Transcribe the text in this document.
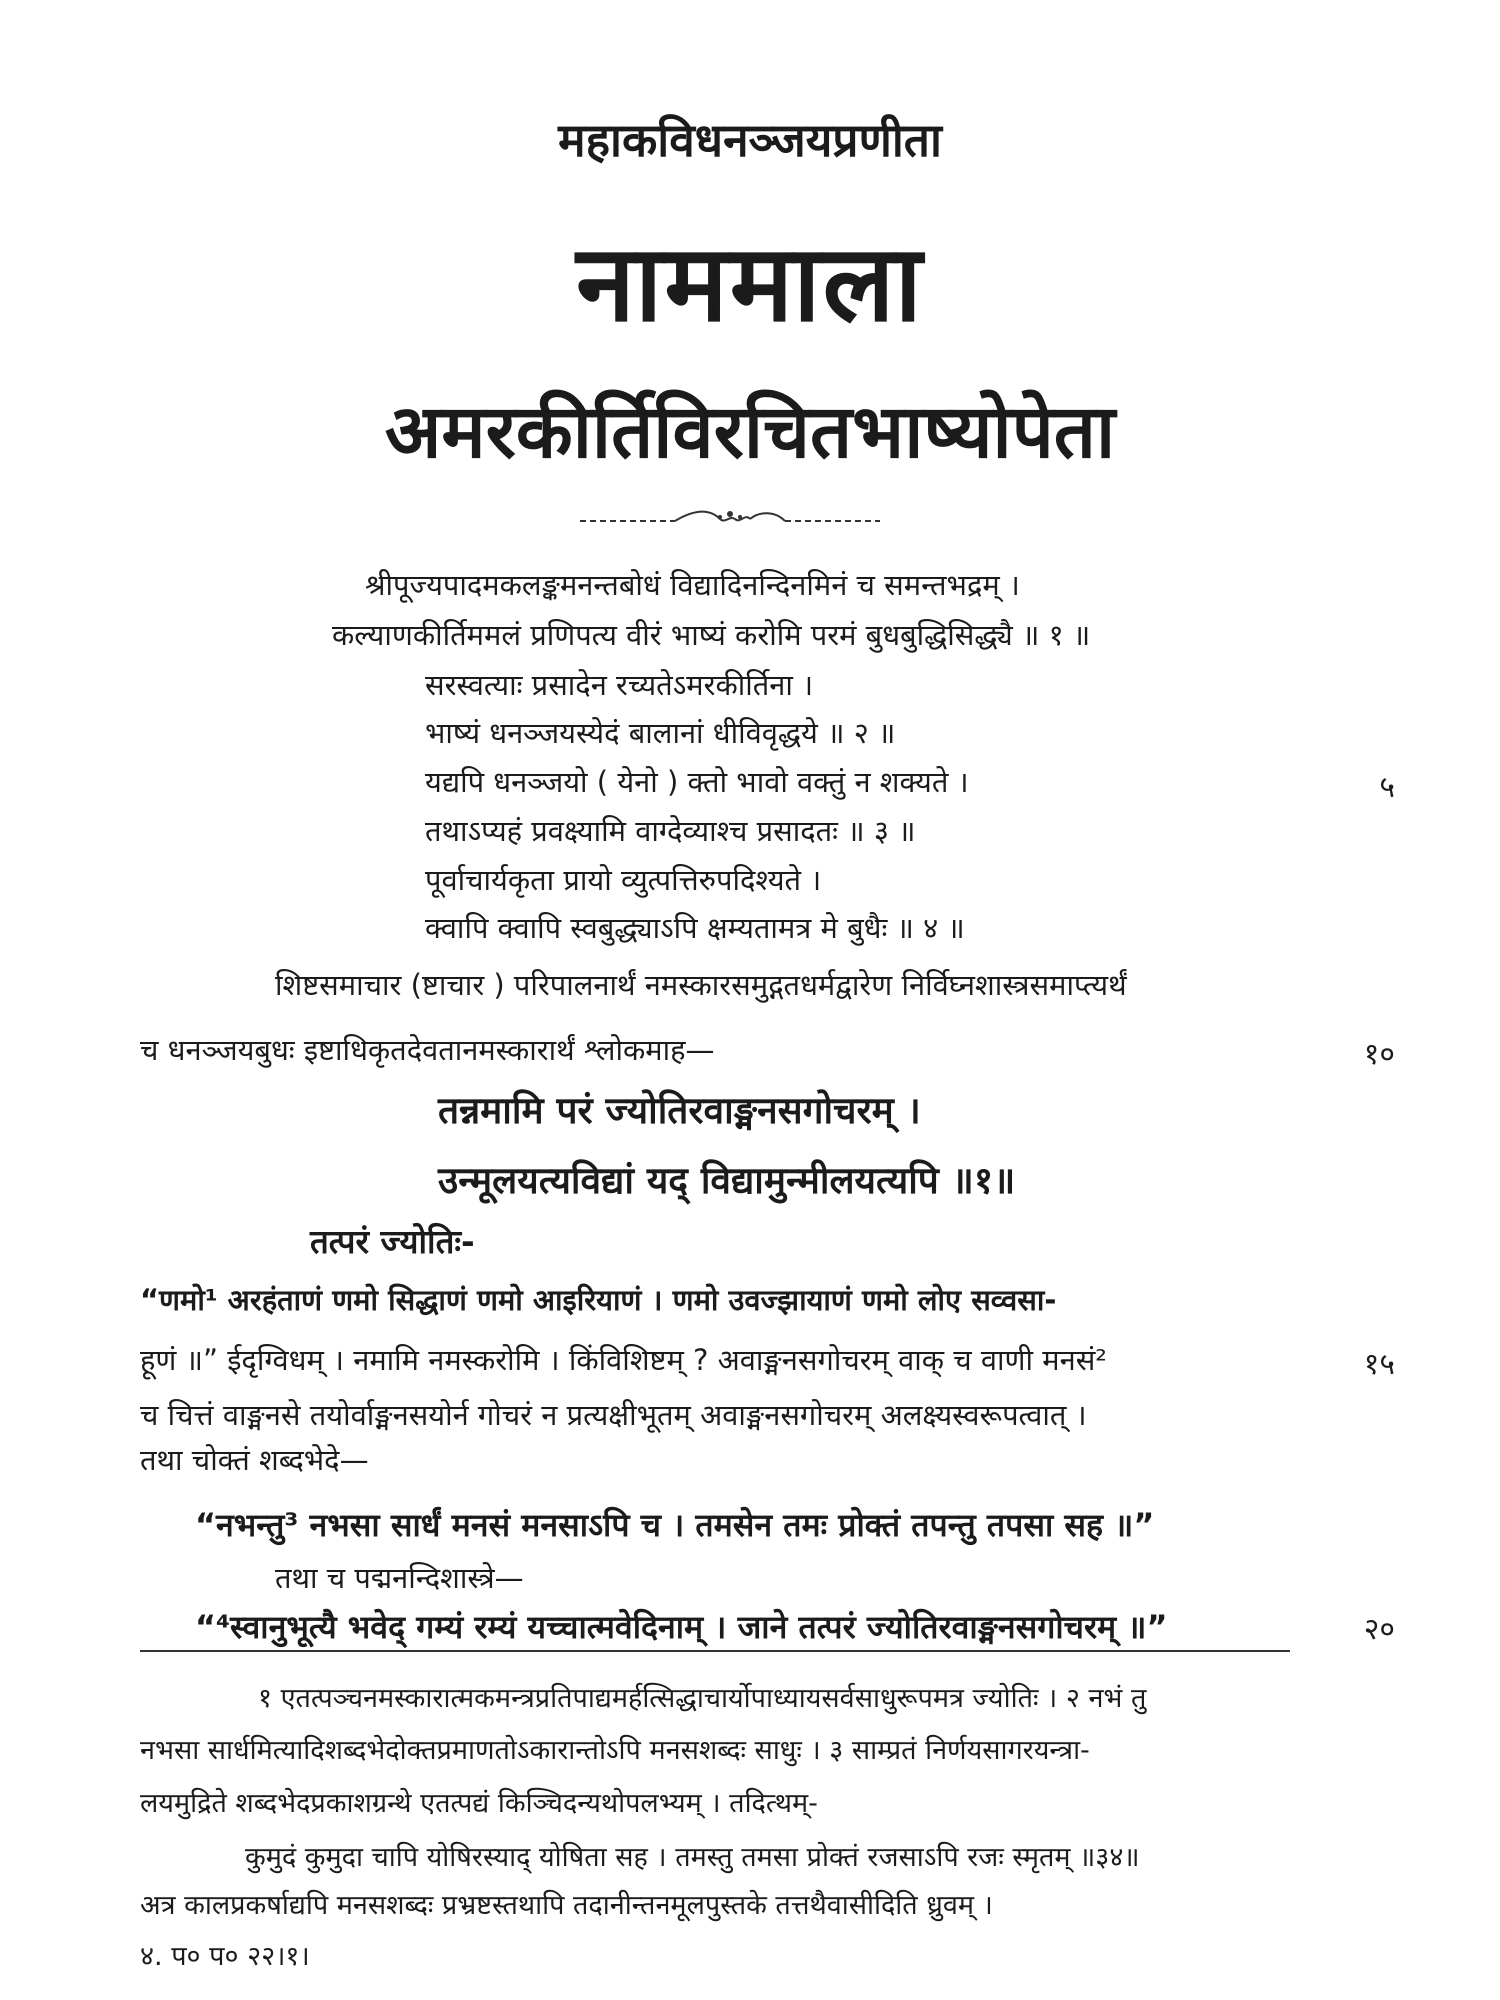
महाकविधनञ्जयप्रणीता
नाममाला
अमरकीर्तिविरचितभाष्योपेता
श्रीपूज्यपादमकलङ्कमनन्तबोधं विद्यादिनन्दिनमिनं च समन्तभद्रम् ।
कल्याणकीर्तिममलं प्रणिपत्य वीरं भाष्यं करोमि परमं बुधबुद्धिसिद्ध्यै ॥ १ ॥
सरस्वत्याः प्रसादेन रच्यतेऽमरकीर्तिना ।
भाष्यं धनञ्जयस्येदं बालानां धीविवृद्धये ॥ २ ॥
यद्यपि धनञ्जयो ( येनो ) क्तो भावो वक्तुं न शक्यते ।
तथाऽप्यहं प्रवक्ष्यामि वाग्देव्याश्च प्रसादतः ॥ ३ ॥
पूर्वाचार्यकृता प्रायो व्युत्पत्तिरुपदिश्यते ।
क्वापि क्वापि स्वबुद्ध्याऽपि क्षम्यतामत्र मे बुधैः ॥ ४ ॥
शिष्टसमाचार (ष्टाचार ) परिपालनार्थं नमस्कारसमुद्गतधर्मद्वारेण निर्विघ्नशास्त्रसमाप्त्यर्थं
च धनञ्जयबुधः इष्टाधिकृतदेवतानमस्कारार्थं श्लोकमाह—
तन्नमामि परं ज्योतिरवाङ्मनसगोचरम् ।
उन्मूलयत्यविद्यां यद् विद्यामुन्मीलयत्यपि ॥१॥
तत्परं ज्योतिः-
“णमो¹ अरहंताणं णमो सिद्धाणं णमो आइरियाणं । णमो उवज्झायाणं णमो लोए सव्वसा-
हूणं ॥” ईदृग्विधम् । नमामि नमस्करोमि । किंविशिष्टम् ? अवाङ्मनसगोचरम् वाक् च वाणी मनसं²
च चित्तं वाङ्मनसे तयोर्वाङ्मनसयोर्न गोचरं न प्रत्यक्षीभूतम् अवाङ्मनसगोचरम् अलक्ष्यस्वरूपत्वात् ।
तथा चोक्तं शब्दभेदे—
“नभन्तु³ नभसा सार्धं मनसं मनसाऽपि च । तमसेन तमः प्रोक्तं तपन्तु तपसा सह ॥”
तथा च पद्मनन्दिशास्त्रे—
“⁴स्वानुभूत्यै भवेद् गम्यं रम्यं यच्चात्मवेदिनाम् । जाने तत्परं ज्योतिरवाङ्मनसगोचरम् ॥”
५
१०
१५
२०
१ एतत्पञ्चनमस्कारात्मकमन्त्रप्रतिपाद्यमर्हत्सिद्धाचार्योपाध्यायसर्वसाधुरूपमत्र ज्योतिः । २ नभं तु
नभसा सार्धमित्यादिशब्दभेदोक्तप्रमाणतोऽकारान्तोऽपि मनसशब्दः साधुः । ३ साम्प्रतं निर्णयसागरयन्त्रा-
लयमुद्रिते शब्दभेदप्रकाशग्रन्थे एतत्पद्यं किञ्चिदन्यथोपलभ्यम् । तदित्थम्-
कुमुदं कुमुदा चापि योषिरस्याद् योषिता सह । तमस्तु तमसा प्रोक्तं रजसाऽपि रजः स्मृतम् ॥३४॥
अत्र कालप्रकर्षाद्यपि मनसशब्दः प्रभ्रष्टस्तथापि तदानीन्तनमूलपुस्तके तत्तथैवासीदिति ध्रुवम् ।
४. प० प० २२।१।
